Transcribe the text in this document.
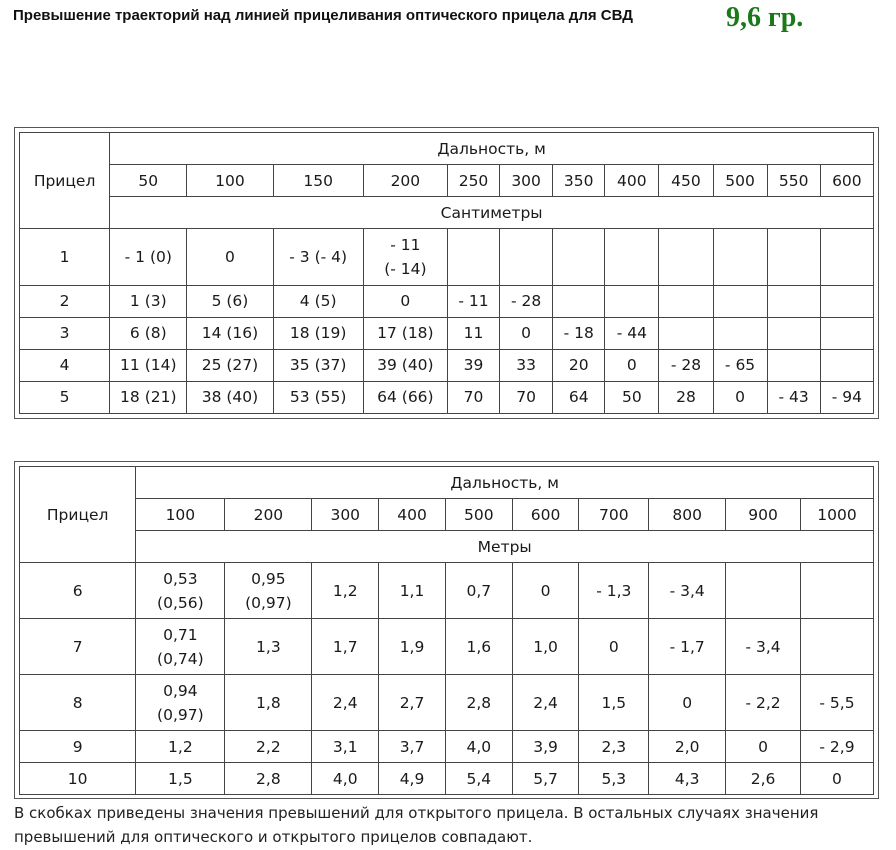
Превышение траекторий над линией прицеливания оптического прицела для СВД	9,6 гр.
Прицел	Дальность, м											
	50	100	150	200	250	300	350	400	450	500	550	600
	Сантиметры											
1	- 1 (0)	0	- 3 (- 4)	- 11
(- 14)								

2	1 (3)	5 (6)	4 (5)	0	- 11	- 28						
3	6 (8)	14 (16)	18 (19)	17 (18)	11	0	- 18	- 44				
4	11 (14)	25 (27)	35 (37)	39 (40)	39	33	20	0	- 28	- 65		
5	18 (21)	38 (40)	53 (55)	64 (66)	70	70	64	50	28	0	- 43	- 94
Прицел	Дальность, м									
	100	200	300	400	500	600	700	800	900	1000
	Метры									
6	0,53
(0,56)	0,95
(0,97)	1,2	1,1	0,7	0	- 1,3	- 3,4		
7	0,71
(0,74)	1,3	1,7	1,9	1,6	1,0	0	- 1,7	- 3,4	
8	0,94
(0,97)	1,8	2,4	2,7	2,8	2,4	1,5	0	- 2,2	- 5,5
9	1,2	2,2	3,1	3,7	4,0	3,9	2,3	2,0	0	- 2,9
10	1,5	2,8	4,0	4,9	5,4	5,7	5,3	4,3	2,6	0
В скобках приведены значения превышений для открытого прицела. В остальных случаях значения превышений для оптического и открытого прицелов совпадают.
